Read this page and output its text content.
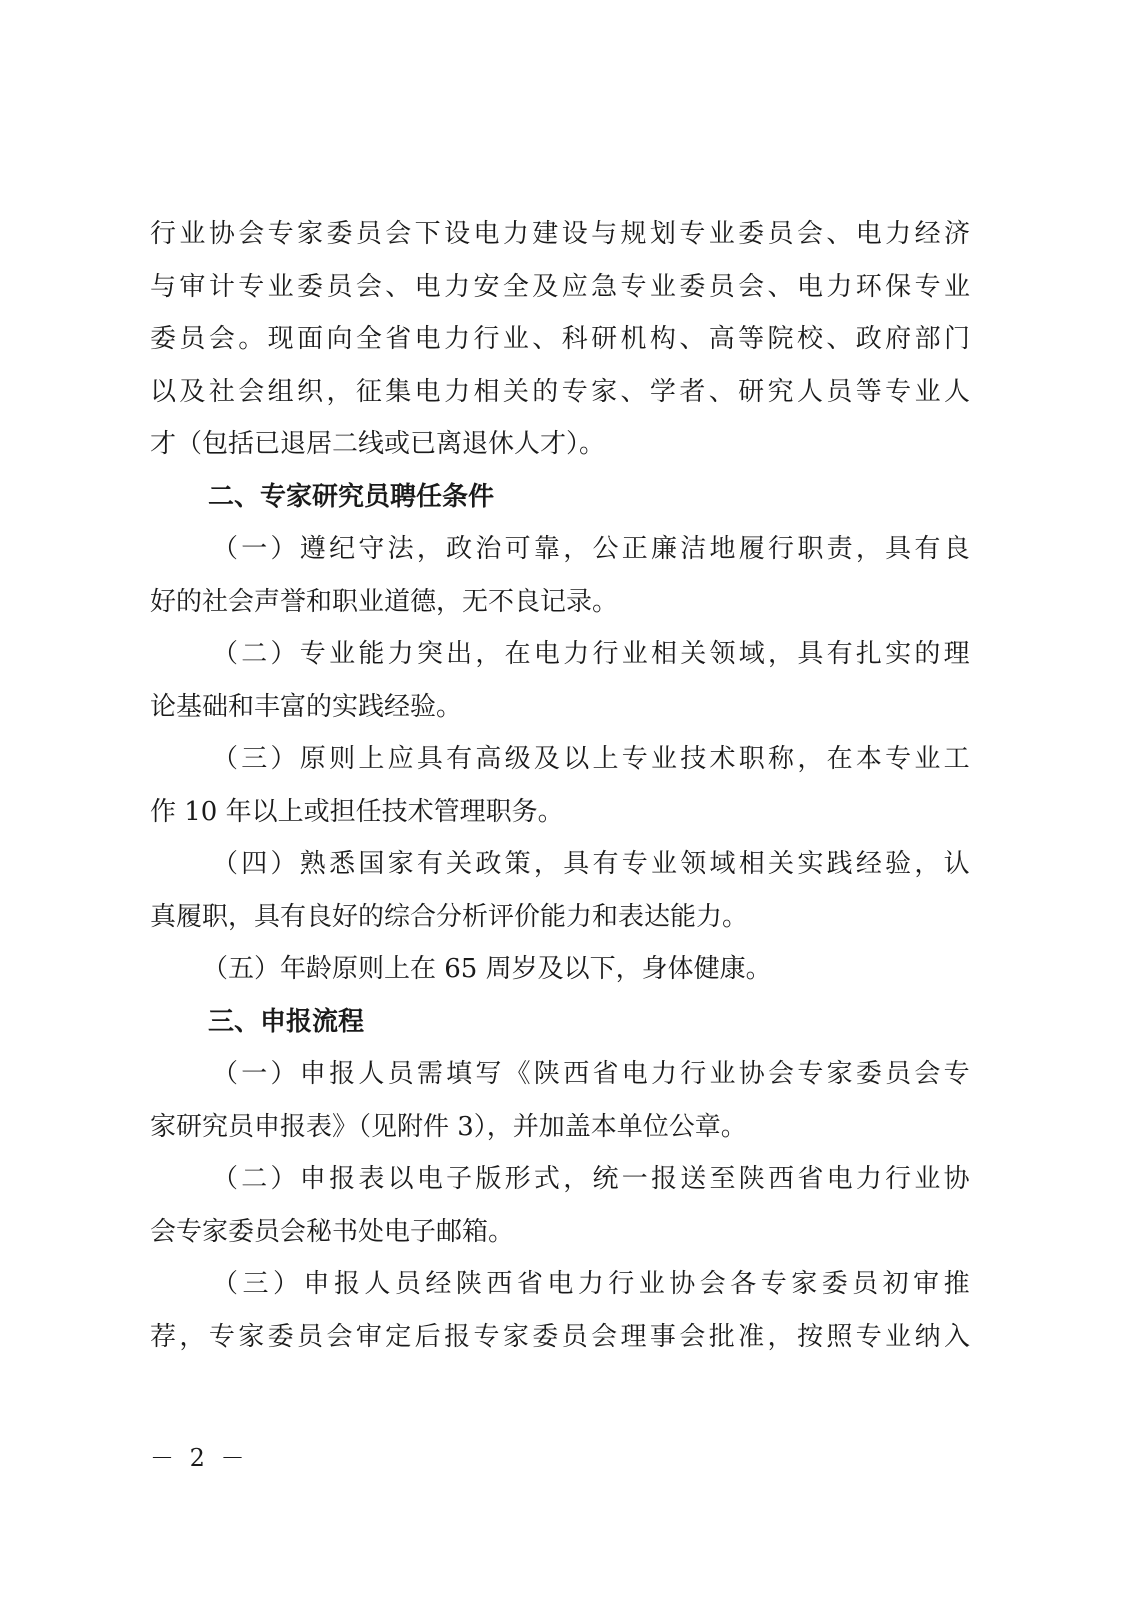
行 业 协 会 专 家 委 员 会 下 设 电 力 建 设 与 规 划 专 业 委 员 会 、 电 力 经 济
与 审 计 专 业 委 员 会 、 电 力 安 全 及 应 急 专 业 委 员 会 、 电 力 环 保 专 业
委 员 会 。 现 面 向 全 省 电 力 行 业 、 科 研 机 构 、 高 等 院 校 、 政 府 部 门
以 及 社 会 组 织 ， 征 集 电 力 相 关 的 专 家 、 学 者 、 研 究 人 员 等 专 业 人
才（包括已退居二线或已离退休人才）。
二、专家研究员聘任条件
（ 一 ） 遵 纪 守 法 ， 政 治 可 靠 ， 公 正 廉 洁 地 履 行 职 责 ， 具 有 良
好的社会声誉和职业道德，无不良记录。
（ 二 ） 专 业 能 力 突 出 ， 在 电 力 行 业 相 关 领 域 ， 具 有 扎 实 的 理
论基础和丰富的实践经验。
（ 三 ） 原 则 上 应 具 有 高 级 及 以 上 专 业 技 术 职 称 ， 在 本 专 业 工
作 10 年以上或担任技术管理职务。
（ 四 ） 熟 悉 国 家 有 关 政 策 ， 具 有 专 业 领 域 相 关 实 践 经 验 ， 认
真履职，具有良好的综合分析评价能力和表达能力。
（五）年龄原则上在 65 周岁及以下，身体健康。
三、申报流程
（ 一 ） 申 报 人 员 需 填 写 《 陕 西 省 电 力 行 业 协 会 专 家 委 员 会 专
家研究员申报表》（见附件 3），并加盖本单位公章。
（ 二 ） 申 报 表 以 电 子 版 形 式 ， 统 一 报 送 至 陕 西 省 电 力 行 业 协
会专家委员会秘书处电子邮箱。
（ 三 ） 申 报 人 员 经 陕 西 省 电 力 行 业 协 会 各 专 家 委 员 初 审 推
荐 ， 专 家 委 员 会 审 定 后 报 专 家 委 员 会 理 事 会 批 准 ， 按 照 专 业 纳 入
－ 2 －
